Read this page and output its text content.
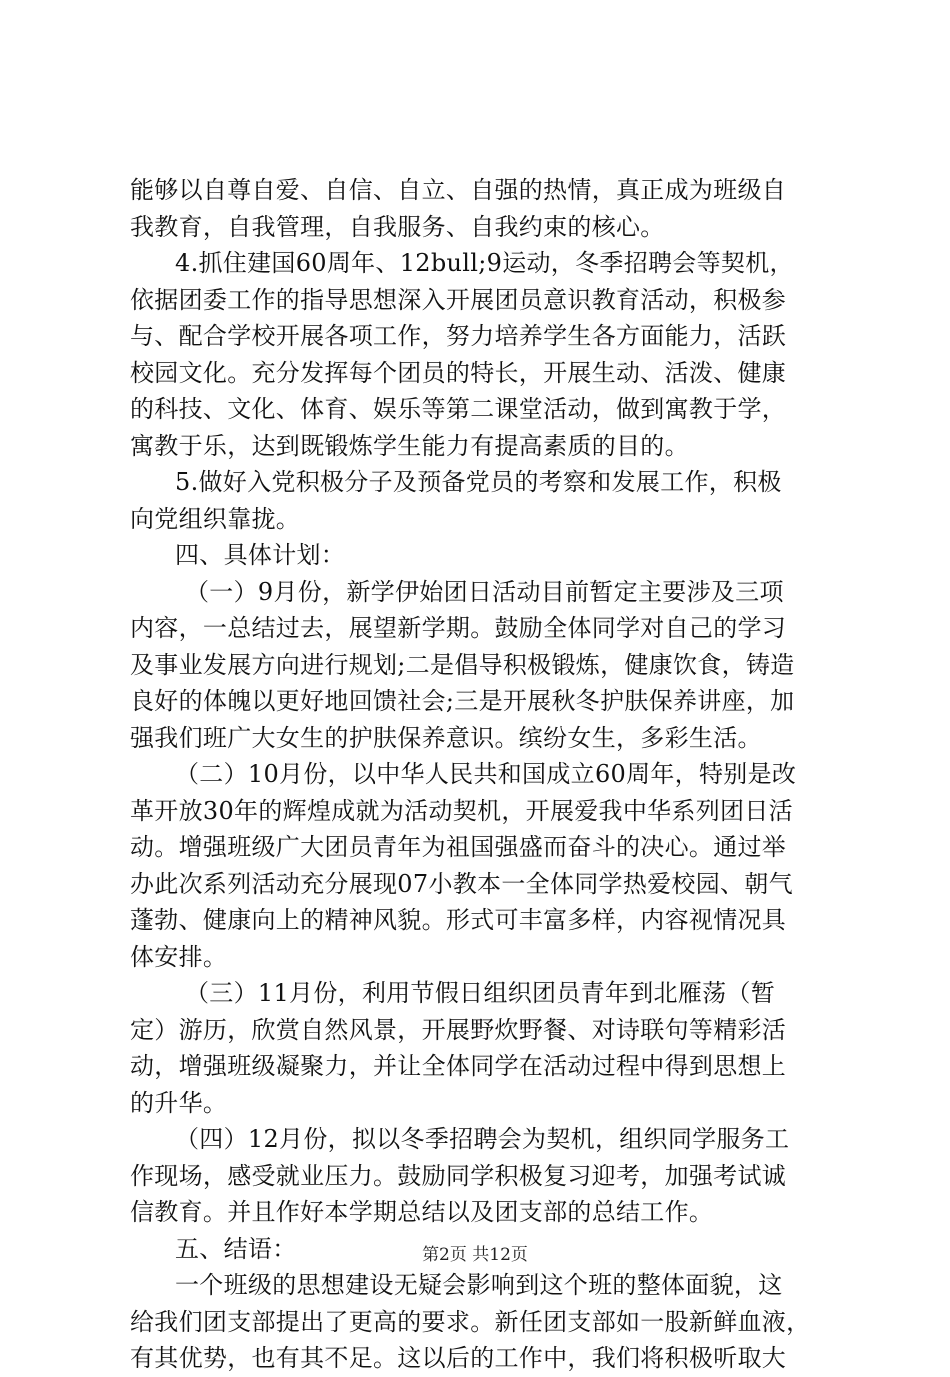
能够以自尊自爱、自信、自立、自强的热情，真正成为班级自
我教育，自我管理，自我服务、自我约束的核心。
4.抓住建国60周年、12bull;9运动，冬季招聘会等契机，
依据团委工作的指导思想深入开展团员意识教育活动，积极参
与、配合学校开展各项工作，努力培养学生各方面能力，活跃
校园文化。充分发挥每个团员的特长，开展生动、活泼、健康
的科技、文化、体育、娱乐等第二课堂活动，做到寓教于学，
寓教于乐，达到既锻炼学生能力有提高素质的目的。
5.做好入党积极分子及预备党员的考察和发展工作，积极
向党组织靠拢。
四、具体计划：
（一）9月份，新学伊始团日活动目前暂定主要涉及三项
内容，一总结过去，展望新学期。鼓励全体同学对自己的学习
及事业发展方向进行规划;二是倡导积极锻炼，健康饮食，铸造
良好的体魄以更好地回馈社会;三是开展秋冬护肤保养讲座，加
强我们班广大女生的护肤保养意识。缤纷女生，多彩生活。
（二）10月份，以中华人民共和国成立60周年，特别是改
革开放30年的辉煌成就为活动契机，开展爱我中华系列团日活
动。增强班级广大团员青年为祖国强盛而奋斗的决心。通过举
办此次系列活动充分展现07小教本一全体同学热爱校园、朝气
蓬勃、健康向上的精神风貌。形式可丰富多样，内容视情况具
体安排。
（三）11月份，利用节假日组织团员青年到北雁荡（暂
定）游历，欣赏自然风景，开展野炊野餐、对诗联句等精彩活
动，增强班级凝聚力，并让全体同学在活动过程中得到思想上
的升华。
（四）12月份，拟以冬季招聘会为契机，组织同学服务工
作现场，感受就业压力。鼓励同学积极复习迎考，加强考试诚
信教育。并且作好本学期总结以及团支部的总结工作。
五、结语：
一个班级的思想建设无疑会影响到这个班的整体面貌，这
给我们团支部提出了更高的要求。新任团支部如一股新鲜血液，
有其优势，也有其不足。这以后的工作中，我们将积极听取大
第2页 共12页
